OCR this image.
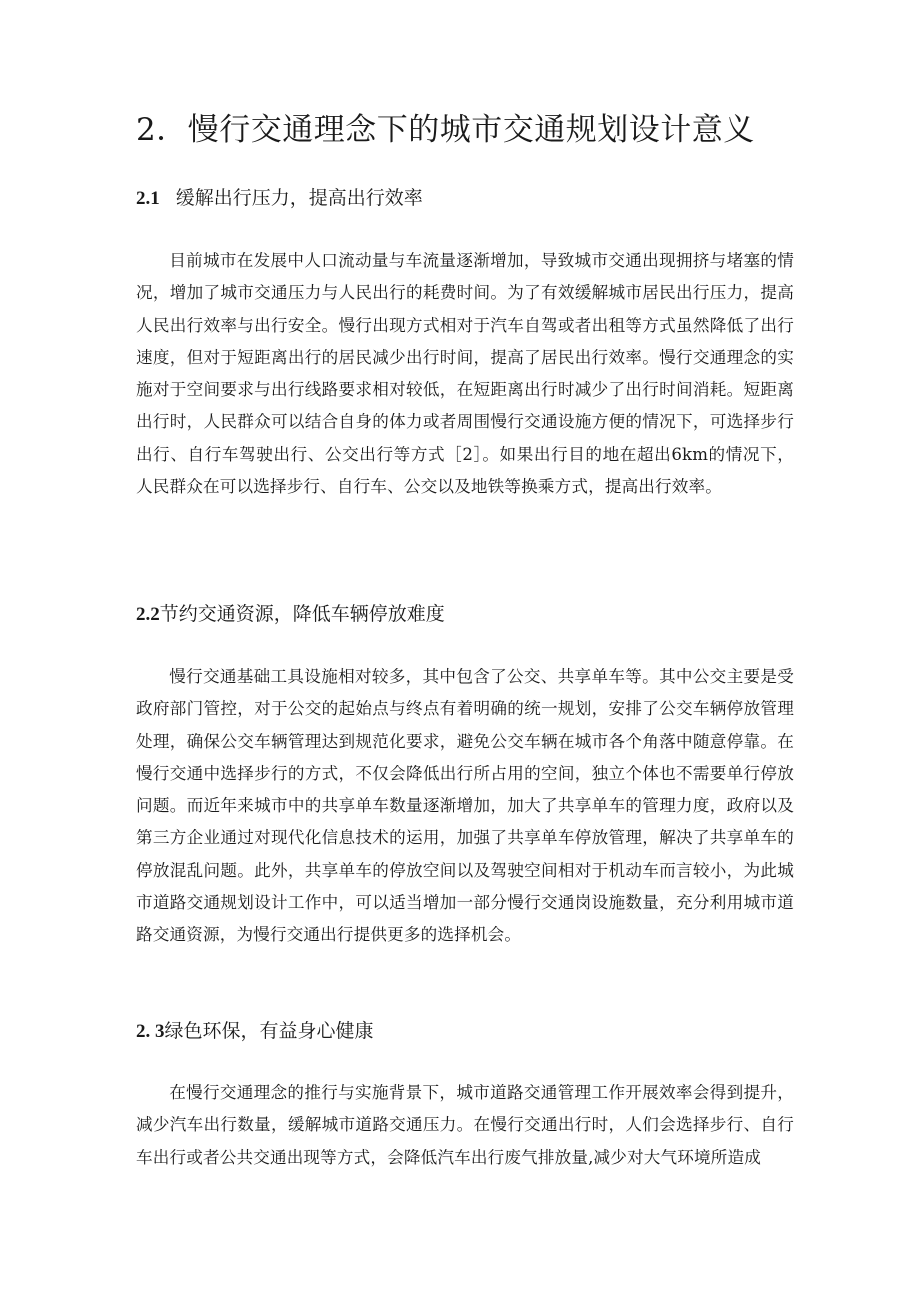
2．慢行交通理念下的城市交通规划设计意义
2.1 缓解出行压力，提高出行效率

目前城市在发展中人口流动量与车流量逐渐增加，导致城市交通出现拥挤与堵塞的情况，增加了城市交通压力与人民出行的耗费时间。为了有效缓解城市居民出行压力，提高人民出行效率与出行安全。慢行出现方式相对于汽车自驾或者出租等方式虽然降低了出行速度，但对于短距离出行的居民减少出行时间，提高了居民出行效率。慢行交通理念的实施对于空间要求与出行线路要求相对较低，在短距离出行时减少了出行时间消耗。短距离出行时，人民群众可以结合自身的体力或者周围慢行交通设施方便的情况下，可选择步行出行、自行车驾驶出行、公交出行等方式［2］。如果出行目的地在超出6km的情况下，人民群众在可以选择步行、自行车、公交以及地铁等换乘方式，提高出行效率。

2.2节约交通资源，降低车辆停放难度

慢行交通基础工具设施相对较多，其中包含了公交、共享单车等。其中公交主要是受政府部门管控，对于公交的起始点与终点有着明确的统一规划，安排了公交车辆停放管理处理，确保公交车辆管理达到规范化要求，避免公交车辆在城市各个角落中随意停靠。在慢行交通中选择步行的方式，不仅会降低出行所占用的空间，独立个体也不需要单行停放问题。而近年来城市中的共享单车数量逐渐增加，加大了共享单车的管理力度，政府以及第三方企业通过对现代化信息技术的运用，加强了共享单车停放管理，解决了共享单车的停放混乱问题。此外，共享单车的停放空间以及驾驶空间相对于机动车而言较小，为此城市道路交通规划设计工作中，可以适当增加一部分慢行交通岗设施数量，充分利用城市道路交通资源，为慢行交通出行提供更多的选择机会。

2. 3绿色环保，有益身心健康

在慢行交通理念的推行与实施背景下，城市道路交通管理工作开展效率会得到提升，减少汽车出行数量，缓解城市道路交通压力。在慢行交通出行时，人们会选择步行、自行车出行或者公共交通出现等方式，会降低汽车出行废气排放量,减少对大气环境所造成
